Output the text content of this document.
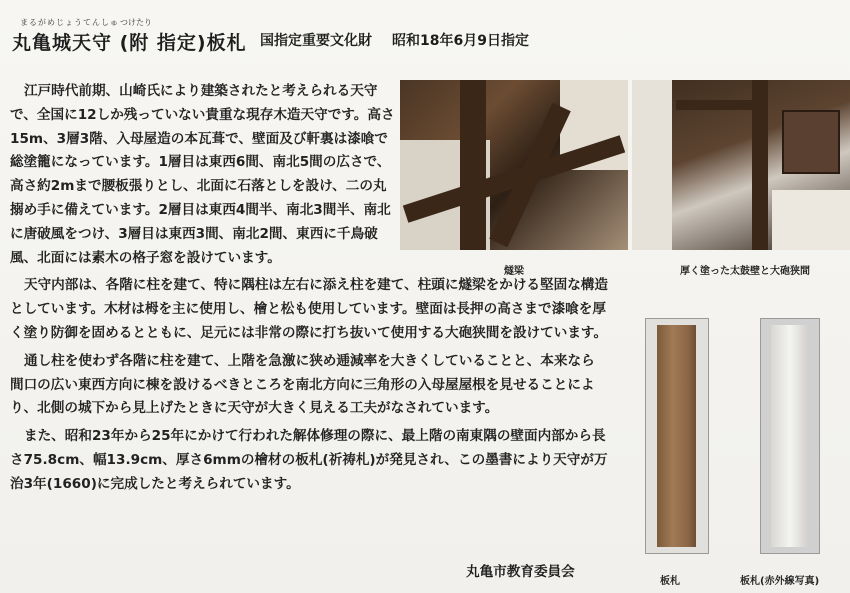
まるがめじょうてんしゅ つけたり
丸亀城天守 (附 指定)板札 国指定重要文化財 昭和18年6月9日指定

江戸時代前期、山崎氏により建築されたと考えられる天守で、全国に12しか残っていない貴重な現存木造天守です。高さ15m、3層3階、入母屋造の本瓦葺で、壁面及び軒裏は漆喰で総塗籠になっています。1層目は東西6間、南北5間の広さで、高さ約2mまで腰板張りとし、北面に石落としを設け、二の丸搦め手に備えています。2層目は東西4間半、南北3間半、南北に唐破風をつけ、3層目は東西3間、南北2間、東西に千鳥破風、北面には素木の格子窓を設けています。

天守内部は、各階に柱を建て、特に隅柱は左右に添え柱を建て、柱頭に燧梁をかける堅固な構造としています。木材は栂を主に使用し、檜と松も使用しています。壁面は長押の高さまで漆喰を厚く塗り防御を固めるとともに、足元には非常の際に打ち抜いて使用する大砲狭間を設けています。

通し柱を使わず各階に柱を建て、上階を急激に狭め逓減率を大きくしていることと、本来なら間口の広い東西方向に棟を設けるべきところを南北方向に三角形の入母屋屋根を見せることにより、北側の城下から見上げたときに天守が大きく見える工夫がなされています。

また、昭和23年から25年にかけて行われた解体修理の際に、最上階の南東隅の壁面内部から長さ75.8cm、幅13.9cm、厚さ6mmの檜材の板札(祈祷札)が発見され、この墨書により天守が万治3年(1660)に完成したと考えられています。

燧梁	厚く塗った太鼓壁と大砲狭間
板札	板札(赤外線写真)
丸亀市教育委員会
